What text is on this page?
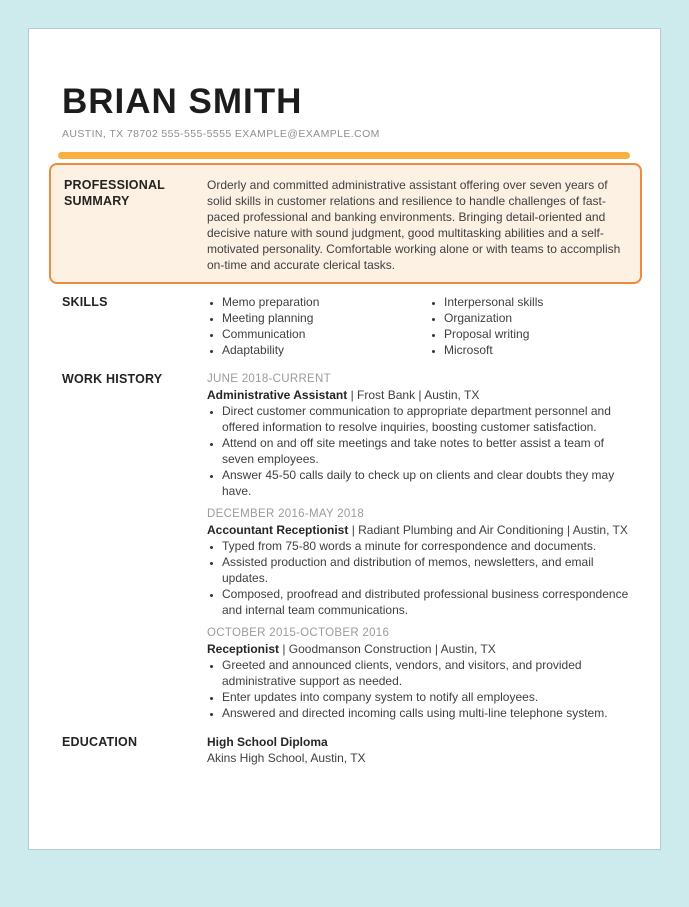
BRIAN SMITH
AUSTIN, TX 78702 555-555-5555 EXAMPLE@EXAMPLE.COM
PROFESSIONAL SUMMARY
Orderly and committed administrative assistant offering over seven years of solid skills in customer relations and resilience to handle challenges of fast-paced professional and banking environments. Bringing detail-oriented and decisive nature with sound judgment, good multitasking abilities and a self-motivated personality. Comfortable working alone or with teams to accomplish on-time and accurate clerical tasks.
SKILLS	• Memo preparation
• Meeting planning
• Communication
• Adaptability
• Interpersonal skills
• Organization
• Proposal writing
• Microsoft
WORK HISTORY	JUNE 2018-CURRENT
Administrative Assistant | Frost Bank | Austin, TX
• Direct customer communication to appropriate department personnel and offered information to resolve inquiries, boosting customer satisfaction.
• Attend on and off site meetings and take notes to better assist a team of seven employees.
• Answer 45-50 calls daily to check up on clients and clear doubts they may have.
DECEMBER 2016-MAY 2018
Accountant Receptionist | Radiant Plumbing and Air Conditioning | Austin, TX
• Typed from 75-80 words a minute for correspondence and documents.
• Assisted production and distribution of memos, newsletters, and email updates.
• Composed, proofread and distributed professional business correspondence and internal team communications.
OCTOBER 2015-OCTOBER 2016
Receptionist | Goodmanson Construction | Austin, TX
• Greeted and announced clients, vendors, and visitors, and provided administrative support as needed.
• Enter updates into company system to notify all employees.
• Answered and directed incoming calls using multi-line telephone system.
EDUCATION	High School Diploma
Akins High School, Austin, TX
